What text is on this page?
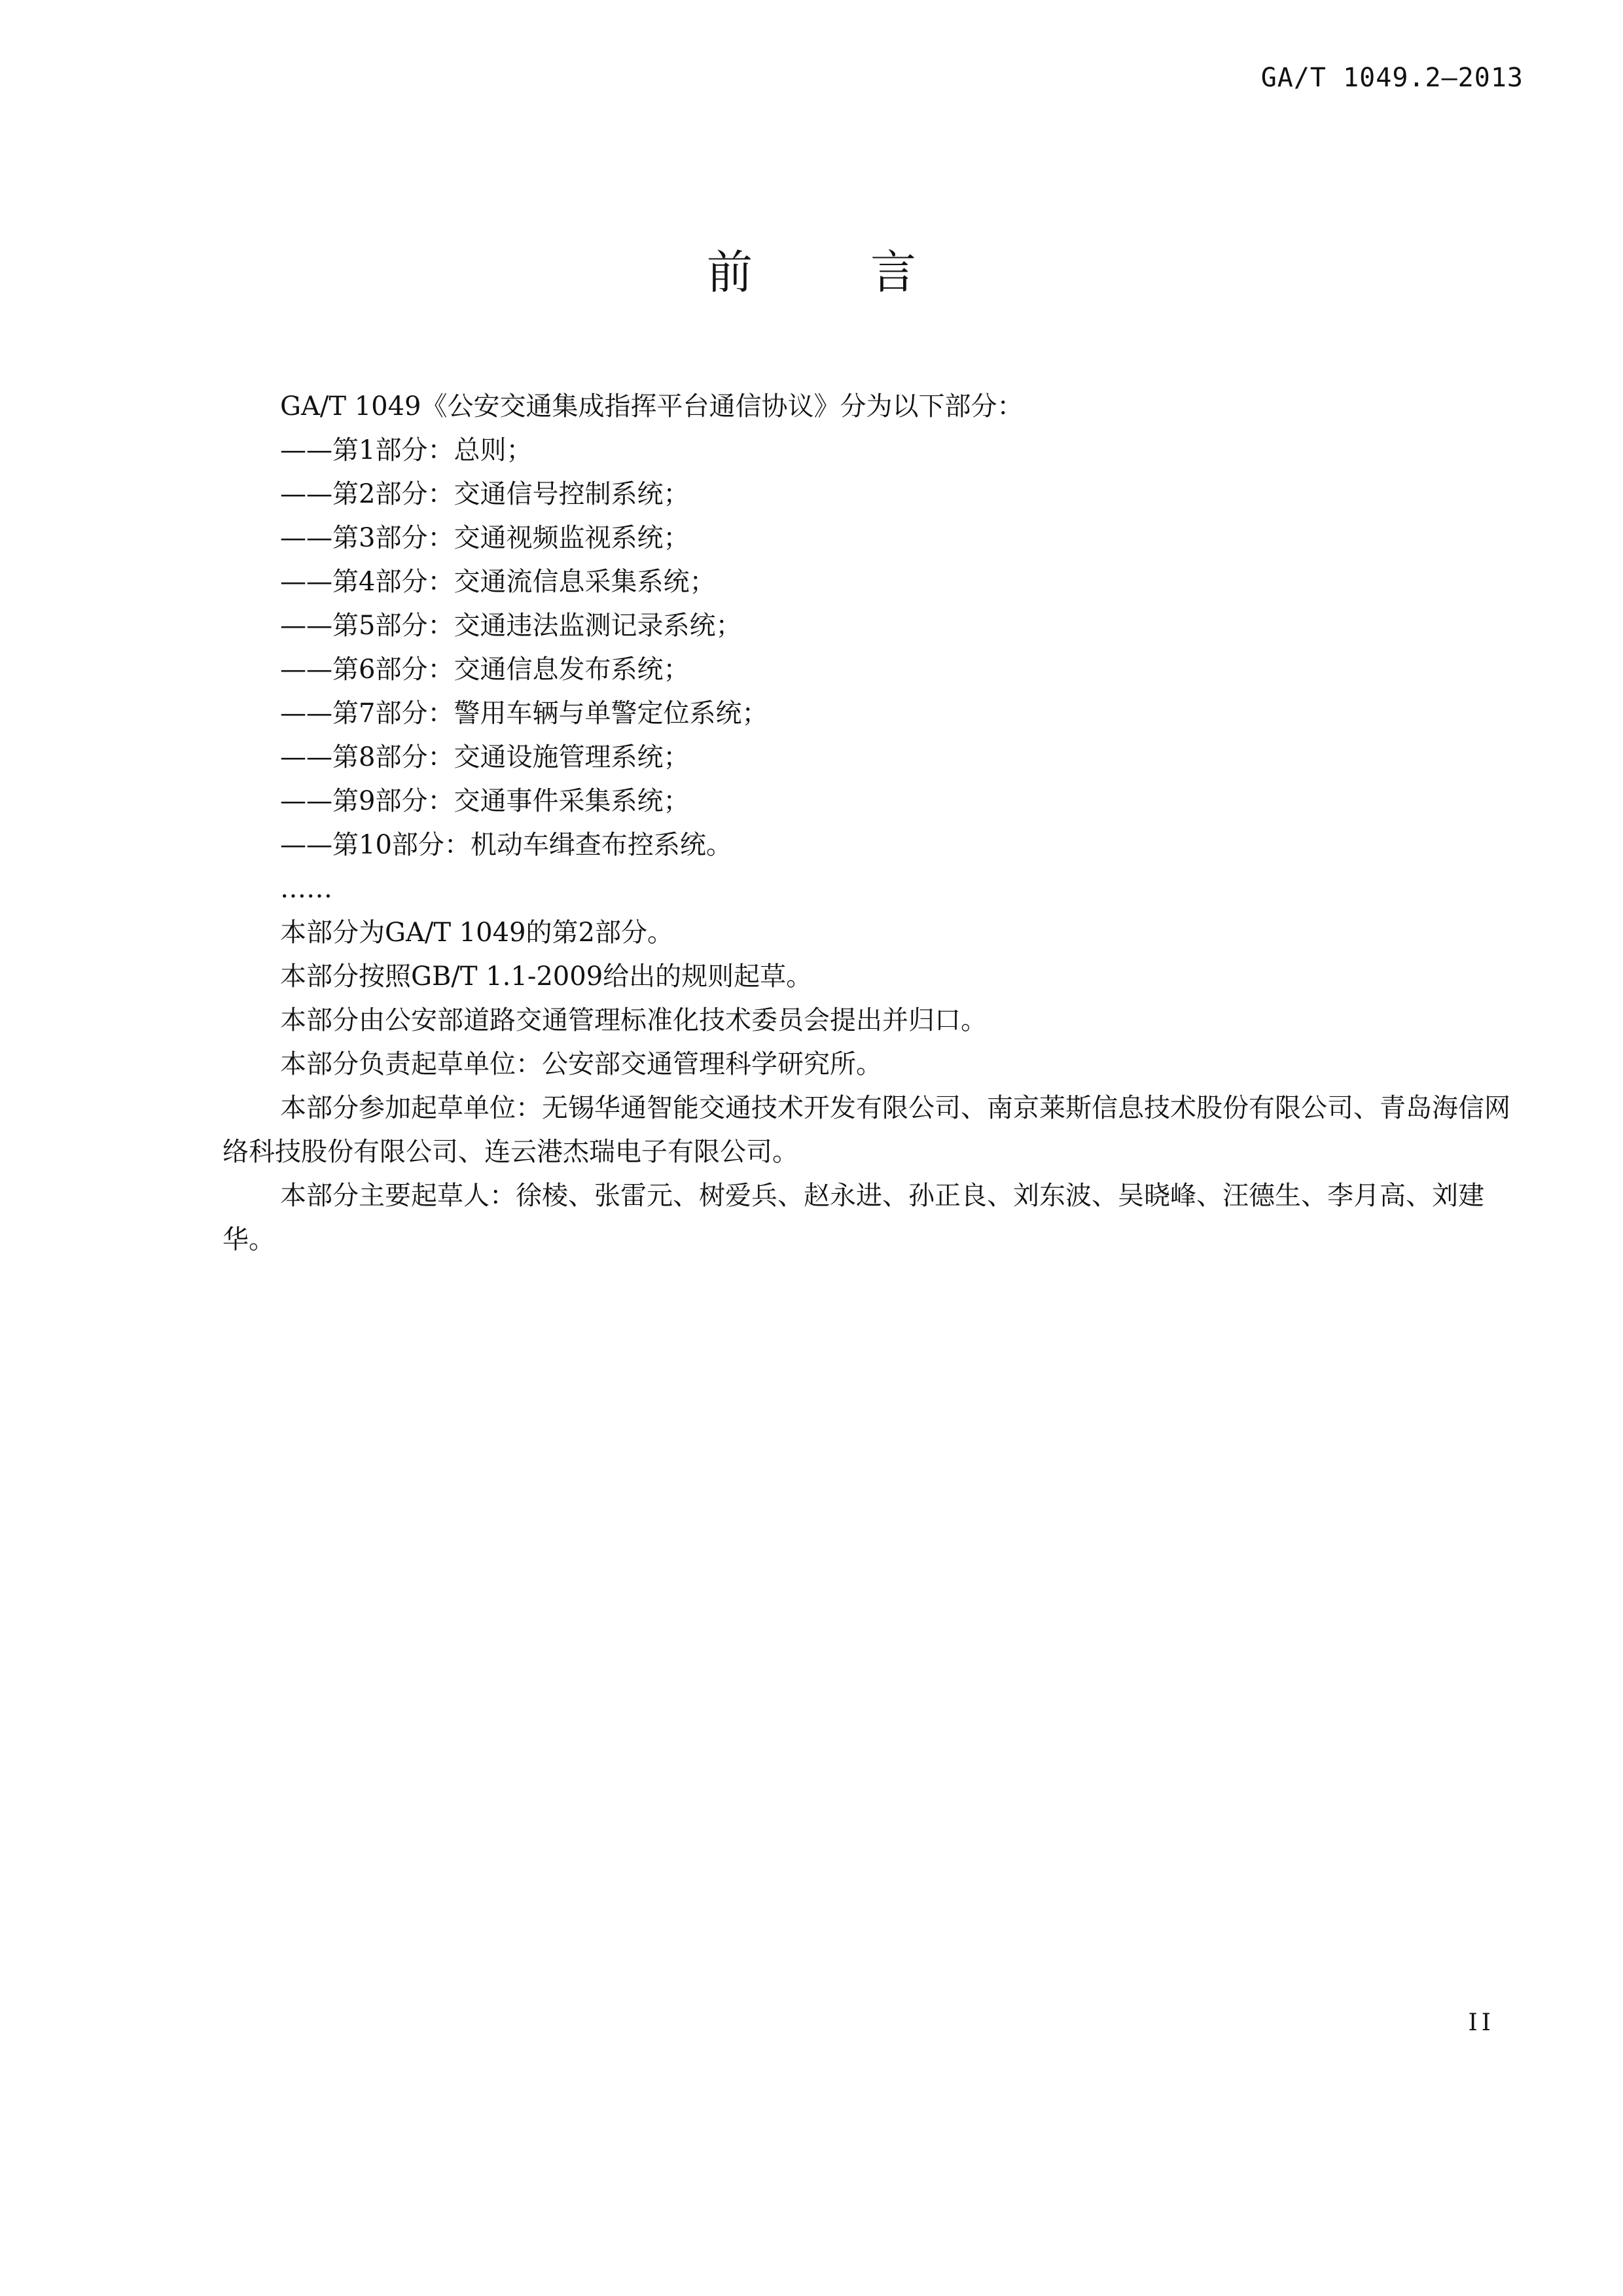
GA/T 1049.2—2013
前	言

GA/T 1049《公安交通集成指挥平台通信协议》分为以下部分：

——第1部分：总则；

——第2部分：交通信号控制系统；

——第3部分：交通视频监视系统；

——第4部分：交通流信息采集系统；

——第5部分：交通违法监测记录系统；

——第6部分：交通信息发布系统；

——第7部分：警用车辆与单警定位系统；

——第8部分：交通设施管理系统；

——第9部分：交通事件采集系统；

——第10部分：机动车缉查布控系统。

……

本部分为GA/T 1049的第2部分。

本部分按照GB/T 1.1-2009给出的规则起草。

本部分由公安部道路交通管理标准化技术委员会提出并归口。

本部分负责起草单位：公安部交通管理科学研究所。

本部分参加起草单位：无锡华通智能交通技术开发有限公司、南京莱斯信息技术股份有限公司、青岛海信网络科技股份有限公司、连云港杰瑞电子有限公司。

本部分主要起草人：徐棱、张雷元、树爱兵、赵永进、孙正良、刘东波、吴晓峰、汪德生、李月高、刘建华。

II
